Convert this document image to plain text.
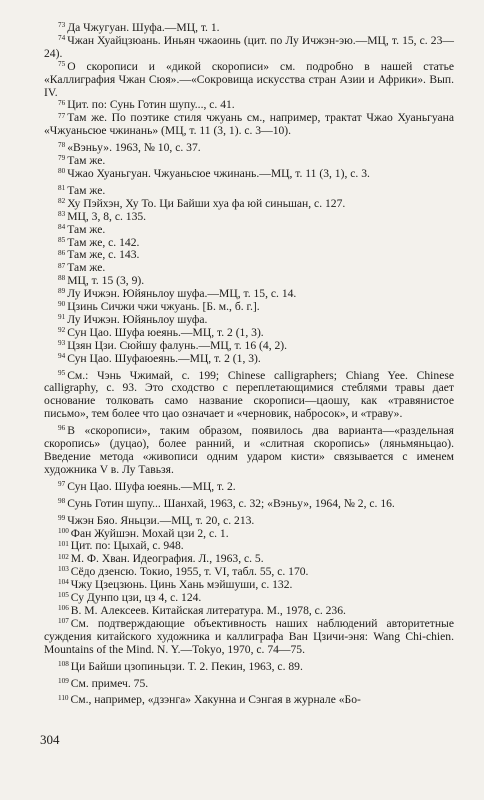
$^{73}$ Да Чжугуан. Шуфа.—МЦ, т. 1.

$^{74}$ Чжан Хуайцзюань. Иньян чжаоинь (цит. по Лу Ичжэн-эю.—МЦ, т. 15, с. 23—24).

$^{75}$ О скорописи и «дикой скорописи» см. подробно в нашей статье «Каллиграфия Чжан Сюя».—«Сокровища искусства стран Азии и Африки». Вып. IV.

$^{76}$ Цит. по: Сунь Готин шупу..., с. 41.

$^{77}$ Там же. По поэтике стиля чжуань см., например, трактат Чжао Хуаньгуана «Чжуаньсюе чжинань» (МЦ, т. 11 (3, 1). с. 3—10).

$^{78}$ «Вэньу». 1963, № 10, с. 37.

$^{79}$ Там же.

$^{80}$ Чжао Хуаньгуан. Чжуаньсюе чжинань.—МЦ, т. 11 (3, 1), с. 3.

$^{81}$ Там же.

$^{82}$ Ху Пэйхэн, Ху То. Ци Байши хуа фа юй синьшан, с. 127.

$^{83}$ МЦ, 3, 8, с. 135.

$^{84}$ Там же.

$^{85}$ Там же, с. 142.

$^{86}$ Там же, с. 143.

$^{87}$ Там же.

$^{88}$ МЦ, т. 15 (3, 9).

$^{89}$ Лу Ичжэн. Юйяньлоу шуфа.—МЦ, т. 15, с. 14.

$^{90}$ Цзинь Сичжи чжи чжуань. [Б. м., б. г.].

$^{91}$ Лу Ичжэн. Юйяньлоу шуфа.

$^{92}$ Сун Цао. Шуфа юеянь.—МЦ, т. 2 (1, 3).

$^{93}$ Цзян Цзи. Сюйшу фалунь.—МЦ, т. 16 (4, 2).

$^{94}$ Сун Цао. Шуфаюеянь.—МЦ, т. 2 (1, 3).

$^{95}$ См.: Чэнь Чжимай, с. 199; Chinese calligraphers; Chiang Yee. Chinese calligraphy, с. 93. Это сходство с переплетающимися стеблями травы дает основание толковать само название скорописи—цаошу, как «травянистое письмо», тем более что цао означает и «черновик, набросок», и «траву».

$^{96}$ В «скорописи», таким образом, появилось два варианта—«раздельная скоропись» (дуцао), более ранний, и «слитная скоропись» (ляньмяньцао). Введение метода «живописи одним ударом кисти» связывается с именем художника V в. Лу Тавьзя.

$^{97}$ Сун Цао. Шуфа юеянь.—МЦ, т. 2.

$^{98}$ Сунь Готин шупу... Шанхай, 1963, с. 32; «Вэньу», 1964, № 2, с. 16.

$^{99}$ Чжэн Бяо. Яньцзи.—МЦ, т. 20, с. 213.

$^{100}$ Фан Жуйшэн. Мохай цзи 2, с. 1.

$^{101}$ Цит. по: Цыхай, с. 948.

$^{102}$ М. Ф. Хван. Идеография. Л., 1963, с. 5.

$^{103}$ Сёдо дзенсю. Токио, 1955, т. VI, табл. 55, с. 170.

$^{104}$ Чжу Цзецзюнь. Цинь Хань мэйшуши, с. 132.

$^{105}$ Су Дунпо цзи, цз 4, с. 124.

$^{106}$ В. М. Алексеев. Китайская литература. М., 1978, с. 236.

$^{107}$ См. подтверждающие объективность наших наблюдений авторитетные суждения китайского художника и каллиграфа Ван Цзичи-эня: Wang Chi-chien. Mountains of the Mind. N. Y.—Tokyo, 1970, с. 74—75.

$^{108}$ Ци Байши цзопиньцзи. Т. 2. Пекин, 1963, с. 89.

$^{109}$ См. примеч. 75.

$^{110}$ См., например, «дзэнга» Хакунна и Сэнгая в журнале «Бо-

304
